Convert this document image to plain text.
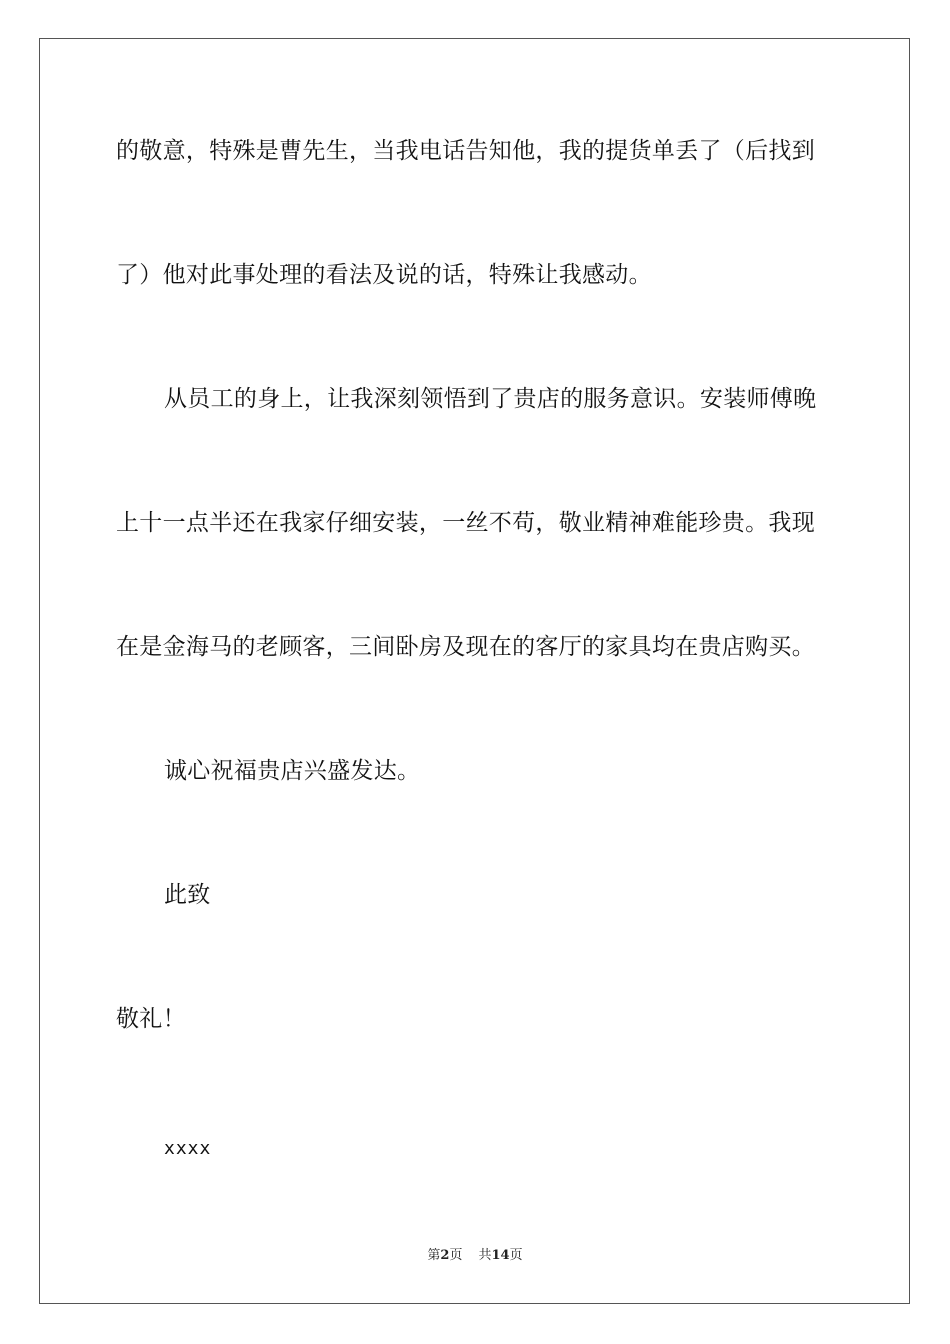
的敬意，特殊是曹先生，当我电话告知他，我的提货单丢了（后找到
了）他对此事处理的看法及说的话，特殊让我感动。
从员工的身上，让我深刻领悟到了贵店的服务意识。安装师傅晚
上十一点半还在我家仔细安装，一丝不苟，敬业精神难能珍贵。我现
在是金海马的老顾客，三间卧房及现在的客厅的家具均在贵店购买。
诚心祝福贵店兴盛发达。
此致
敬礼！
xxxx
第2页 共14页
